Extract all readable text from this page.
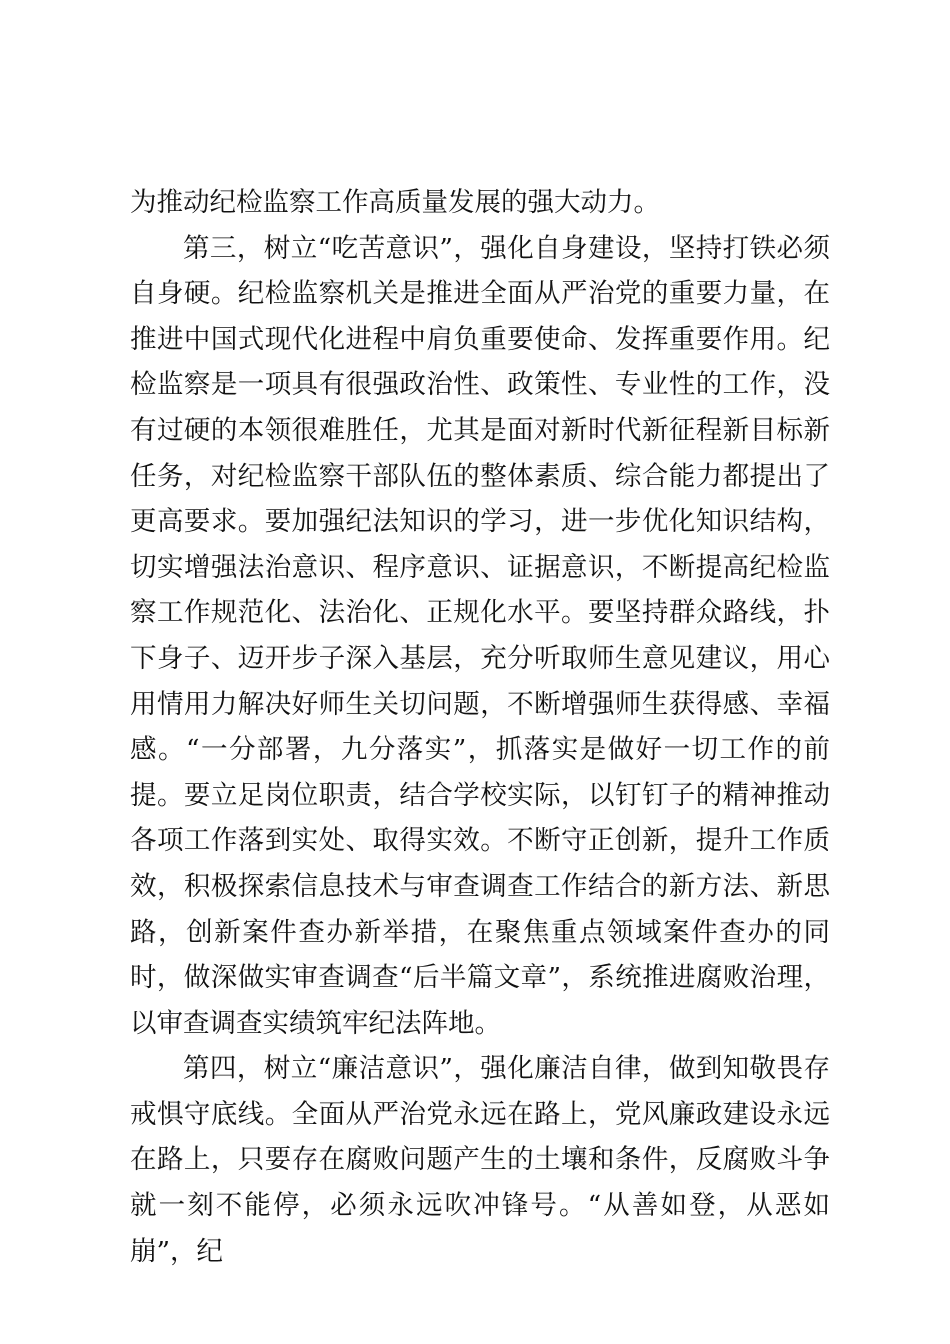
为推动纪检监察工作高质量发展的强大动力。

第三，树立“吃苦意识”，强化自身建设，坚持打铁必须自身硬。纪检监察机关是推进全面从严治党的重要力量，在推进中国式现代化进程中肩负重要使命、发挥重要作用。纪检监察是一项具有很强政治性、政策性、专业性的工作，没有过硬的本领很难胜任，尤其是面对新时代新征程新目标新任务，对纪检监察干部队伍的整体素质、综合能力都提出了更高要求。要加强纪法知识的学习，进一步优化知识结构，切实增强法治意识、程序意识、证据意识，不断提高纪检监察工作规范化、法治化、正规化水平。要坚持群众路线，扑下身子、迈开步子深入基层，充分听取师生意见建议，用心用情用力解决好师生关切问题，不断增强师生获得感、幸福感。“一分部署，九分落实”，抓落实是做好一切工作的前提。要立足岗位职责，结合学校实际，以钉钉子的精神推动各项工作落到实处、取得实效。不断守正创新，提升工作质效，积极探索信息技术与审查调查工作结合的新方法、新思路，创新案件查办新举措，在聚焦重点领域案件查办的同时，做深做实审查调查“后半篇文章”，系统推进腐败治理，以审查调查实绩筑牢纪法阵地。

第四，树立“廉洁意识”，强化廉洁自律，做到知敬畏存戒惧守底线。全面从严治党永远在路上，党风廉政建设永远在路上，只要存在腐败问题产生的土壤和条件，反腐败斗争就一刻不能停，必须永远吹冲锋号。“从善如登，从恶如崩”，纪
